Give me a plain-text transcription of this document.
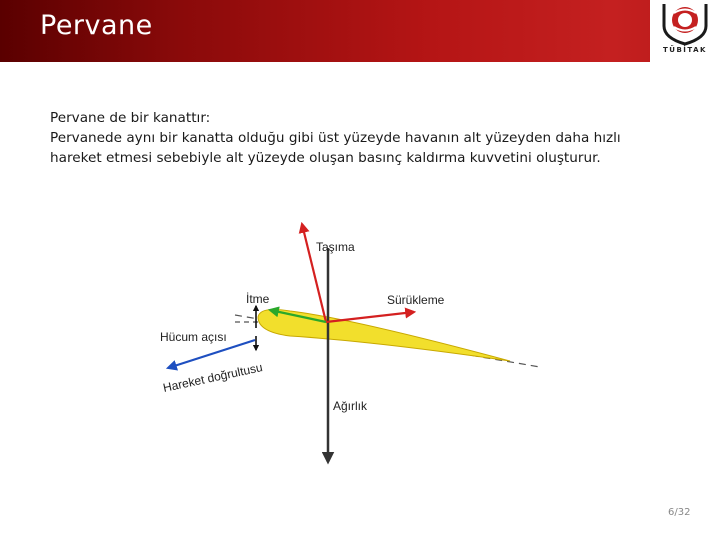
Pervane
TÜBİTAK

Pervane de bir kanattır:

Pervanede aynı bir kanatta olduğu gibi üst yüzeyde havanın alt yüzeyden daha hızlı

hareket etmesi sebebiyle alt yüzeyde oluşan basınç kaldırma kuvvetini oluşturur.

Taşıma
İtme	Sürükleme
Hücum açısı
Hareket doğrultusu
Ağırlık
6/32
